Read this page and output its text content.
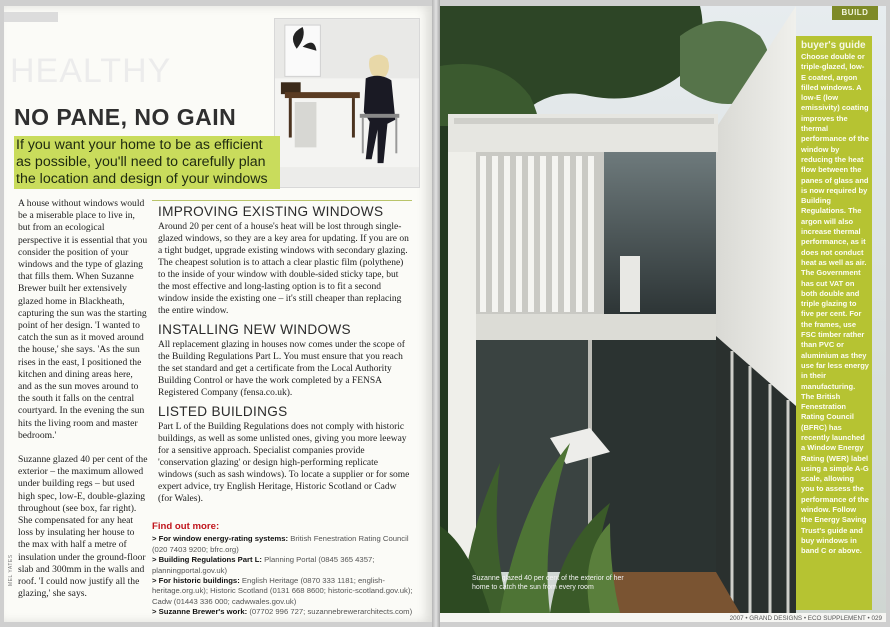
HEALTHY
NO PANE, NO GAIN
If you want your home to be as efficient as possible, you'll need to carefully plan the location and design of your windows

A house without windows would be a miserable place to live in, but from an ecological perspective it is essential that you consider the position of your windows and the type of glazing that fills them. When Suzanne Brewer built her extensively glazed home in Blackheath, capturing the sun was the starting point of her design. 'I wanted to catch the sun as it moved around the house,' she says. 'As the sun rises in the east, I positioned the kitchen and dining areas here, and as the sun moves around to the south it falls on the central courtyard. In the evening the sun hits the living room and master bedroom.'

Suzanne glazed 40 per cent of the exterior – the maximum allowed under building regs – but used high spec, low-E, double-glazing throughout (see box, far right). She compensated for any heat loss by insulating her house to the max with half a metre of insulation under the ground-floor slab and 300mm in the walls and roof. 'I could now justify all the glazing,' she says.

IMPROVING EXISTING WINDOWS
Around 20 per cent of a house's heat will be lost through single-glazed windows, so they are a key area for updating. If you are on a tight budget, upgrade existing windows with secondary glazing. The cheapest solution is to attach a clear plastic film (polythene) to the inside of your window with double-sided sticky tape, but the most effective and long-lasting option is to fit a second window inside the existing one – it's still cheaper than replacing the entire window.
INSTALLING NEW WINDOWS
All replacement glazing in houses now comes under the scope of the Building Regulations Part L. You must ensure that you reach the set standard and get a certificate from the Local Authority Building Control or have the work completed by a FENSA Registered Company (fensa.co.uk).
LISTED BUILDINGS
Part L of the Building Regulations does not comply with historic buildings, as well as some unlisted ones, giving you more leeway for a sensitive approach. Specialist companies provide 'conservation glazing' or design high-performing replicate windows (such as sash windows). To locate a supplier or for some expert advice, try English Heritage, Historic Scotland or Cadw (for Wales).
Find out more:
> For window energy-rating systems: British Fenestration Rating Council (020 7403 9200; bfrc.org)
> Building Regulations Part L: Planning Portal (0845 365 4357; planningportal.gov.uk)
> For historic buildings: English Heritage (0870 333 1181; english-heritage.org.uk); Historic Scotland (0131 668 8600; historic-scotland.gov.uk); Cadw (01443 336 000; cadwwales.gov.uk)
> Suzanne Brewer's work: (07702 996 727; suzannebrewerarchitects.com)
MEL YATES
BUILD
buyer's guide
Choose double or triple-glazed, low-E coated, argon filled windows. A low-E (low emissivity) coating improves the thermal performance of the window by reducing the heat flow between the panes of glass and is now required by Building Regulations. The argon will also increase thermal performance, as it does not conduct heat as well as air. The Government has cut VAT on both double and triple glazing to five per cent. For the frames, use FSC timber rather than PVC or aluminium as they use far less energy in their manufacturing. The British Fenestration Rating Council (BFRC) has recently launched a Window Energy Rating (WER) label using a simple A-G scale, allowing you to assess the performance of the window. Follow the Energy Saving Trust's guide and buy windows in band C or above.
Suzanne glazed 40 per cent of the exterior of her home to catch the sun from every room
2007 • GRAND DESIGNS • ECO SUPPLEMENT • 029
